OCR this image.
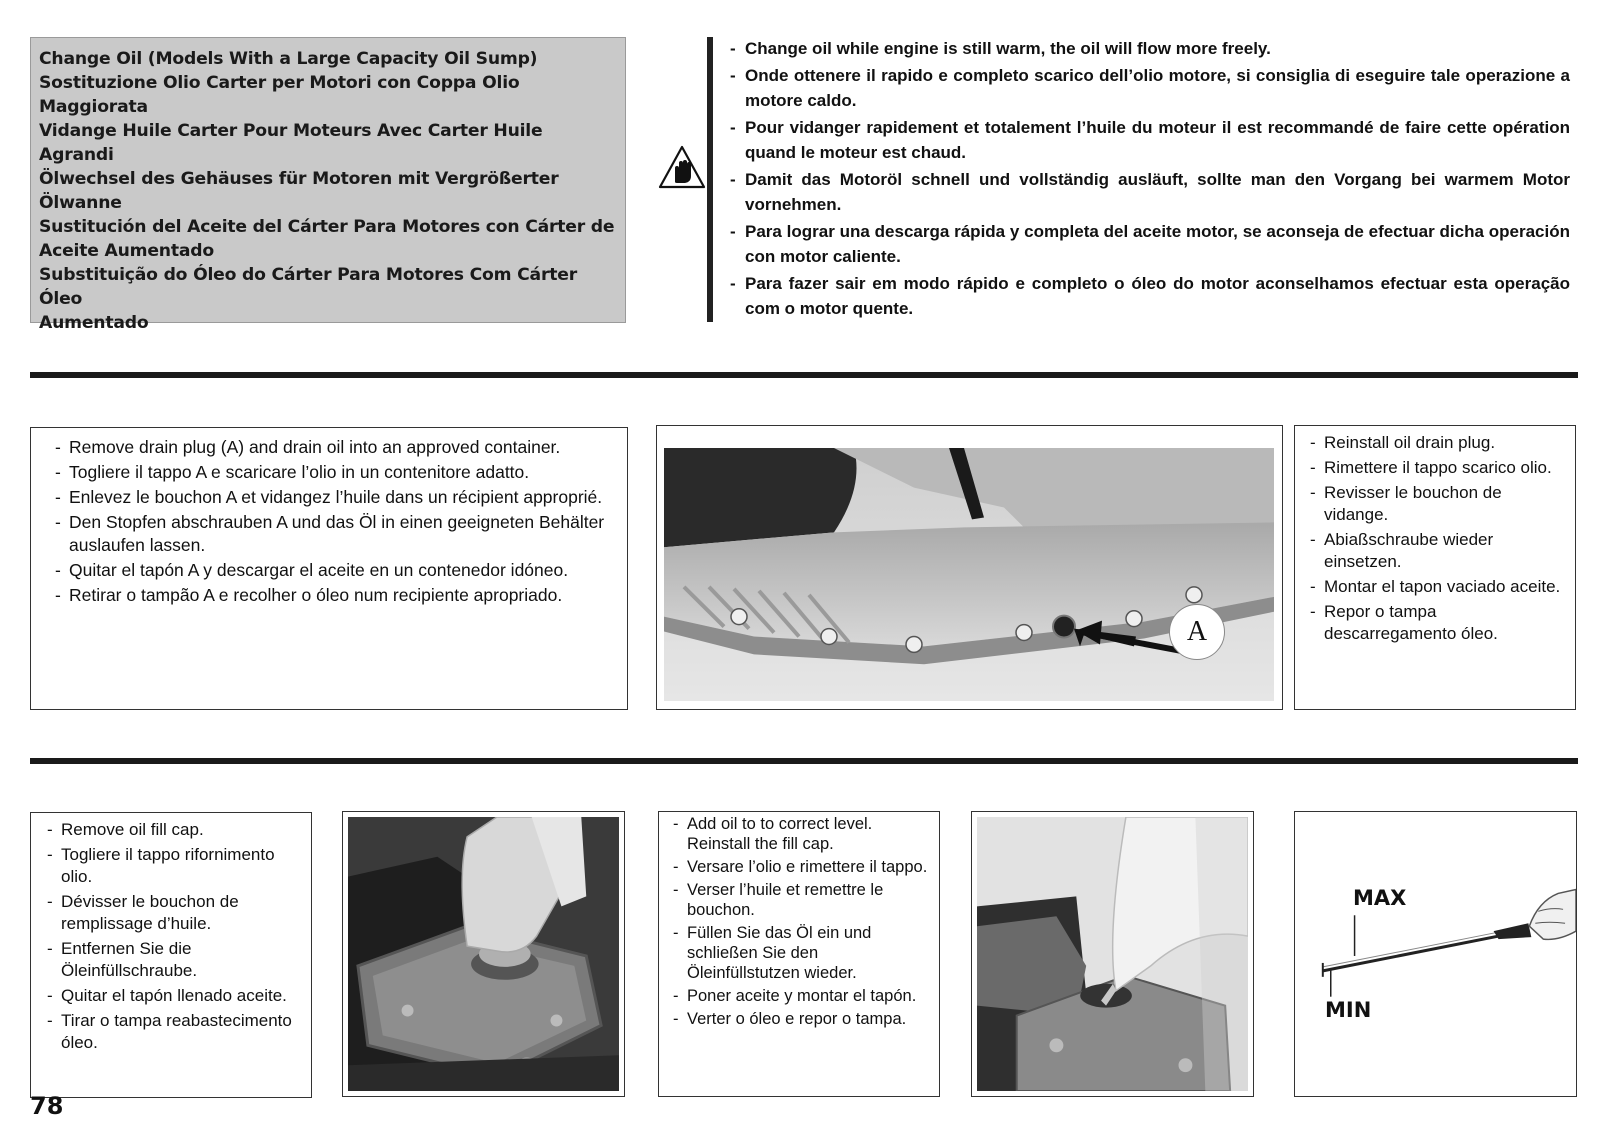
Change Oil (Models With a Large Capacity Oil Sump)
Sostituzione Olio Carter per Motori con Coppa Olio Maggiorata
Vidange Huile Carter Pour Moteurs Avec Carter Huile Agrandi
Ölwechsel des Gehäuses für Motoren mit Vergrößerter Ölwanne
Sustitución del Aceite del Cárter Para Motores con Cárter de
Aceite Aumentado
Substituição do Óleo do Cárter Para Motores Com Cárter Óleo
Aumentado
- Change oil while engine is still warm, the oil will flow more freely.
- Onde ottenere il rapido e completo scarico dell’olio motore, si consiglia di eseguire tale operazione a motore caldo.
- Pour vidanger rapidement et totalement l’huile du moteur il est recommandé de faire cette opération quand le moteur est chaud.
- Damit das Motoröl schnell und vollständig ausläuft, sollte man den Vorgang bei warmem Motor vornehmen.
- Para lograr una descarga rápida y completa del aceite motor, se aconseja de efectuar dicha operación con motor caliente.
- Para fazer sair em modo rápido e completo o óleo do motor aconselhamos efectuar esta operação com o motor quente.
- Remove drain plug (A) and drain oil into an approved container.
- Togliere il tappo A e scaricare l’olio in un contenitore adatto.
- Enlevez le bouchon A et vidangez l’huile dans un récipient approprié.
- Den Stopfen abschrauben A und das Öl in einen geeigneten Behälter auslaufen lassen.
- Quitar el tapón A y descargar el aceite en un contenedor idóneo.
- Retirar o tampão A e recolher o óleo num recipiente apropriado.
A
- Reinstall oil drain plug.
- Rimettere il tappo scarico olio.
- Revisser le bouchon de vidange.
- Abiaßschraube wieder einsetzen.
- Montar el tapon vaciado aceite.
- Repor o tampa descarregamento óleo.
- Remove oil fill cap.
- Togliere il tappo rifornimento olio.
- Dévisser le bouchon de remplissage d’huile.
- Entfernen Sie die Öleinfüllschraube.
- Quitar el tapón llenado aceite.
- Tirar o tampa reabastecimento óleo.
- Add oil to to correct level. Reinstall the fill cap.
- Versare l’olio e rimettere il tappo.
- Verser l’huile et remettre le bouchon.
- Füllen Sie das Öl ein und schließen Sie den Öleinfüllstutzen wieder.
- Poner aceite y montar el tapón.
- Verter o óleo e repor o tampa.
MAX
MIN
78
